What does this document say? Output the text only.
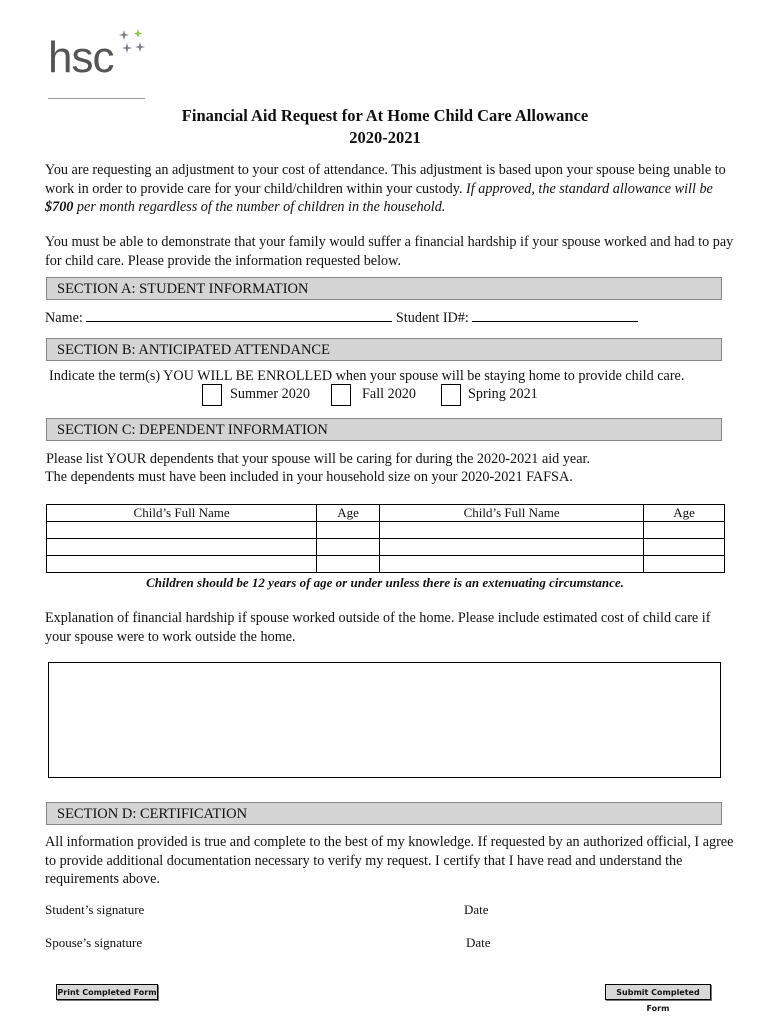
hsc
Financial Aid Request for At Home Child Care Allowance
2020-2021
You are requesting an adjustment to your cost of attendance. This adjustment is based upon your spouse being unable to work in order to provide care for your child/children within your custody. If approved, the standard allowance will be $700 per month regardless of the number of children in the household.
You must be able to demonstrate that your family would suffer a financial hardship if your spouse worked and had to pay for child care. Please provide the information requested below.
SECTION A: STUDENT INFORMATION
Name:	Student ID#:
SECTION B: ANTICIPATED ATTENDANCE
Indicate the term(s) YOU WILL BE ENROLLED when your spouse will be staying home to provide child care.
Summer 2020	Fall 2020	Spring 2021
SECTION C: DEPENDENT INFORMATION
Please list YOUR dependents that your spouse will be caring for during the 2020-2021 aid year.
The dependents must have been included in your household size on your 2020-2021 FAFSA.
Child’s Full Name	Age	Child’s Full Name	Age

Children should be 12 years of age or under unless there is an extenuating circumstance.
Explanation of financial hardship if spouse worked outside of the home. Please include estimated cost of child care if your spouse were to work outside the home.
SECTION D: CERTIFICATION
All information provided is true and complete to the best of my knowledge. If requested by an authorized official, I agree to provide additional documentation necessary to verify my request. I certify that I have read and understand the requirements above.
Student’s signature	Date
Spouse’s signature	Date
Print Completed Form	Submit Completed Form
